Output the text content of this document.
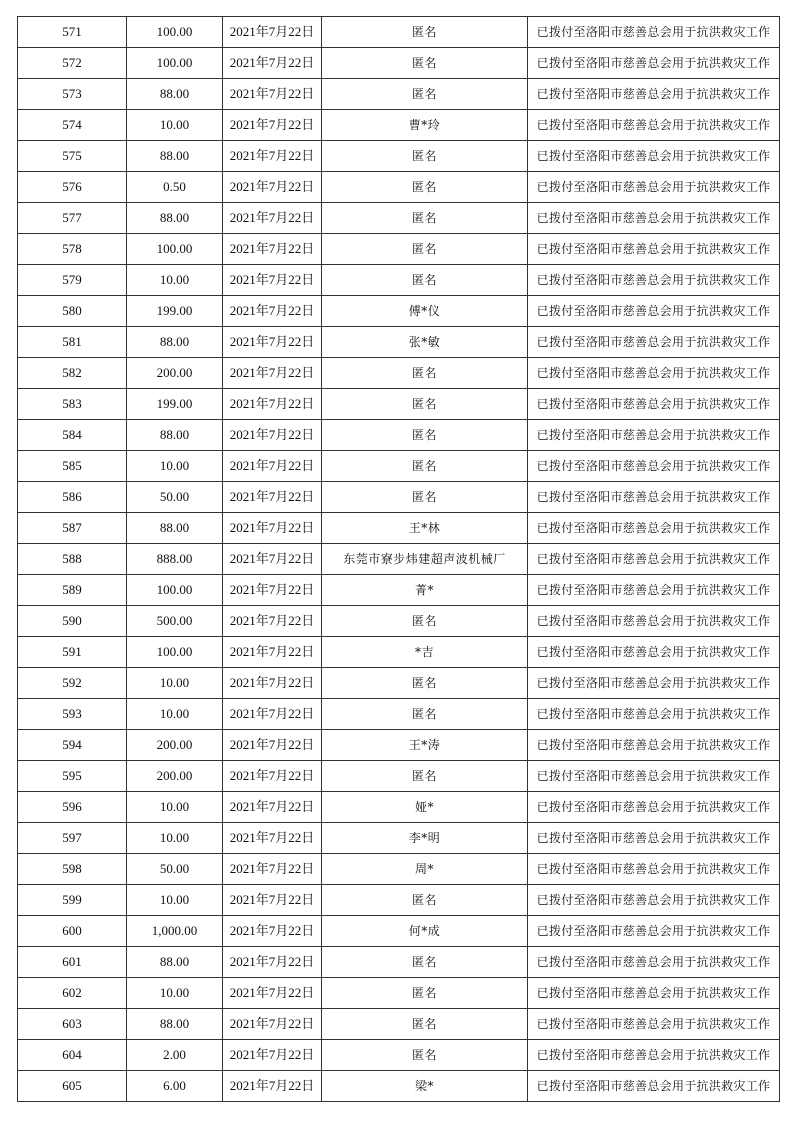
571	100.00	2021年7月22日	匿名	已拨付至洛阳市慈善总会用于抗洪救灾工作
572	100.00	2021年7月22日	匿名	已拨付至洛阳市慈善总会用于抗洪救灾工作
573	88.00	2021年7月22日	匿名	已拨付至洛阳市慈善总会用于抗洪救灾工作
574	10.00	2021年7月22日	曹*玲	已拨付至洛阳市慈善总会用于抗洪救灾工作
575	88.00	2021年7月22日	匿名	已拨付至洛阳市慈善总会用于抗洪救灾工作
576	0.50	2021年7月22日	匿名	已拨付至洛阳市慈善总会用于抗洪救灾工作
577	88.00	2021年7月22日	匿名	已拨付至洛阳市慈善总会用于抗洪救灾工作
578	100.00	2021年7月22日	匿名	已拨付至洛阳市慈善总会用于抗洪救灾工作
579	10.00	2021年7月22日	匿名	已拨付至洛阳市慈善总会用于抗洪救灾工作
580	199.00	2021年7月22日	傅*仪	已拨付至洛阳市慈善总会用于抗洪救灾工作
581	88.00	2021年7月22日	张*敏	已拨付至洛阳市慈善总会用于抗洪救灾工作
582	200.00	2021年7月22日	匿名	已拨付至洛阳市慈善总会用于抗洪救灾工作
583	199.00	2021年7月22日	匿名	已拨付至洛阳市慈善总会用于抗洪救灾工作
584	88.00	2021年7月22日	匿名	已拨付至洛阳市慈善总会用于抗洪救灾工作
585	10.00	2021年7月22日	匿名	已拨付至洛阳市慈善总会用于抗洪救灾工作
586	50.00	2021年7月22日	匿名	已拨付至洛阳市慈善总会用于抗洪救灾工作
587	88.00	2021年7月22日	王*林	已拨付至洛阳市慈善总会用于抗洪救灾工作
588	888.00	2021年7月22日	东莞市寮步炜建超声波机械厂	已拨付至洛阳市慈善总会用于抗洪救灾工作
589	100.00	2021年7月22日	菁*	已拨付至洛阳市慈善总会用于抗洪救灾工作
590	500.00	2021年7月22日	匿名	已拨付至洛阳市慈善总会用于抗洪救灾工作
591	100.00	2021年7月22日	*吉	已拨付至洛阳市慈善总会用于抗洪救灾工作
592	10.00	2021年7月22日	匿名	已拨付至洛阳市慈善总会用于抗洪救灾工作
593	10.00	2021年7月22日	匿名	已拨付至洛阳市慈善总会用于抗洪救灾工作
594	200.00	2021年7月22日	王*涛	已拨付至洛阳市慈善总会用于抗洪救灾工作
595	200.00	2021年7月22日	匿名	已拨付至洛阳市慈善总会用于抗洪救灾工作
596	10.00	2021年7月22日	娅*	已拨付至洛阳市慈善总会用于抗洪救灾工作
597	10.00	2021年7月22日	李*明	已拨付至洛阳市慈善总会用于抗洪救灾工作
598	50.00	2021年7月22日	周*	已拨付至洛阳市慈善总会用于抗洪救灾工作
599	10.00	2021年7月22日	匿名	已拨付至洛阳市慈善总会用于抗洪救灾工作
600	1,000.00	2021年7月22日	何*成	已拨付至洛阳市慈善总会用于抗洪救灾工作
601	88.00	2021年7月22日	匿名	已拨付至洛阳市慈善总会用于抗洪救灾工作
602	10.00	2021年7月22日	匿名	已拨付至洛阳市慈善总会用于抗洪救灾工作
603	88.00	2021年7月22日	匿名	已拨付至洛阳市慈善总会用于抗洪救灾工作
604	2.00	2021年7月22日	匿名	已拨付至洛阳市慈善总会用于抗洪救灾工作
605	6.00	2021年7月22日	梁*	已拨付至洛阳市慈善总会用于抗洪救灾工作
